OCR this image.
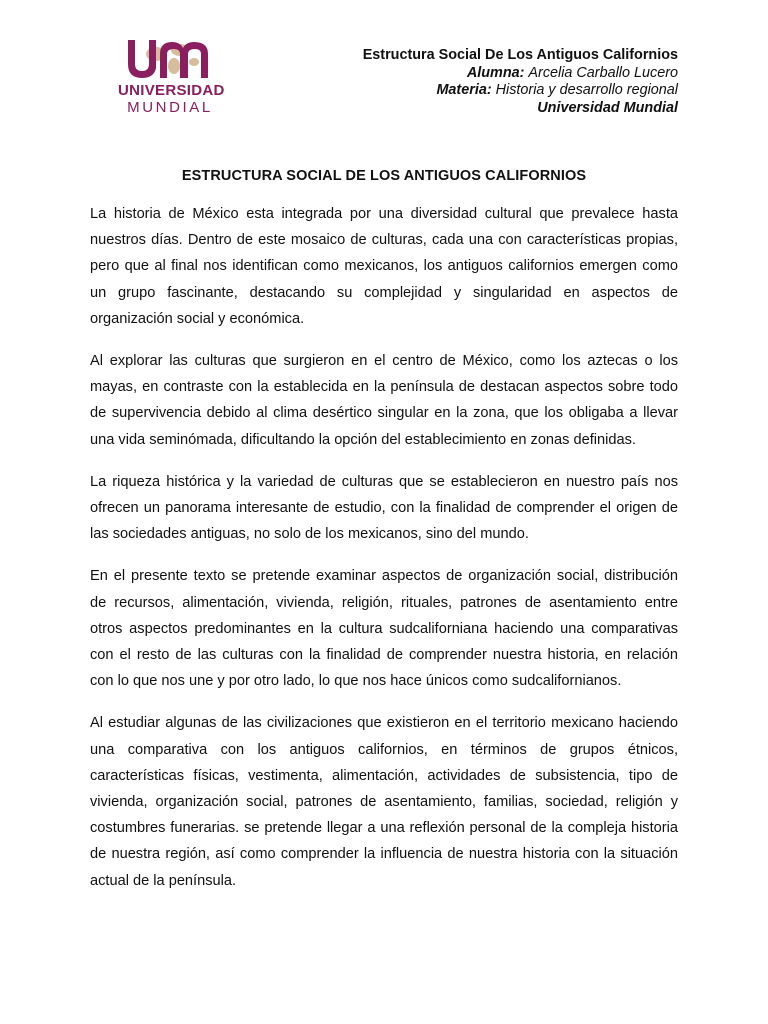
UNIVERSIDAD
MUNDIAL
Estructura Social De Los Antiguos Californios
Alumna: Arcelia Carballo Lucero
Materia: Historia y desarrollo regional
Universidad Mundial
ESTRUCTURA SOCIAL DE LOS ANTIGUOS CALIFORNIOS

La historia de México esta integrada por una diversidad cultural que prevalece hasta nuestros días. Dentro de este mosaico de culturas, cada una con características propias, pero que al final nos identifican como mexicanos, los antiguos californios emergen como un grupo fascinante, destacando su complejidad y singularidad en aspectos de organización social y económica.

Al explorar las culturas que surgieron en el centro de México, como los aztecas o los mayas, en contraste con la establecida en la península de destacan aspectos sobre todo de supervivencia debido al clima desértico singular en la zona, que los obligaba a llevar una vida seminómada, dificultando la opción del establecimiento en zonas definidas.

La riqueza histórica y la variedad de culturas que se establecieron en nuestro país nos ofrecen un panorama interesante de estudio, con la finalidad de comprender el origen de las sociedades antiguas, no solo de los mexicanos, sino del mundo.

En el presente texto se pretende examinar aspectos de organización social, distribución de recursos, alimentación, vivienda, religión, rituales, patrones de asentamiento entre otros aspectos predominantes en la cultura sudcaliforniana haciendo una comparativas con el resto de las culturas con la finalidad de comprender nuestra historia, en relación con lo que nos une y por otro lado, lo que nos hace únicos como sudcalifornianos.

Al estudiar algunas de las civilizaciones que existieron en el territorio mexicano haciendo una comparativa con los antiguos californios, en términos de grupos étnicos, características físicas, vestimenta, alimentación, actividades de subsistencia, tipo de vivienda, organización social, patrones de asentamiento, familias, sociedad, religión y costumbres funerarias. se pretende llegar a una reflexión personal de la compleja historia de nuestra región, así como comprender la influencia de nuestra historia con la situación actual de la península.
